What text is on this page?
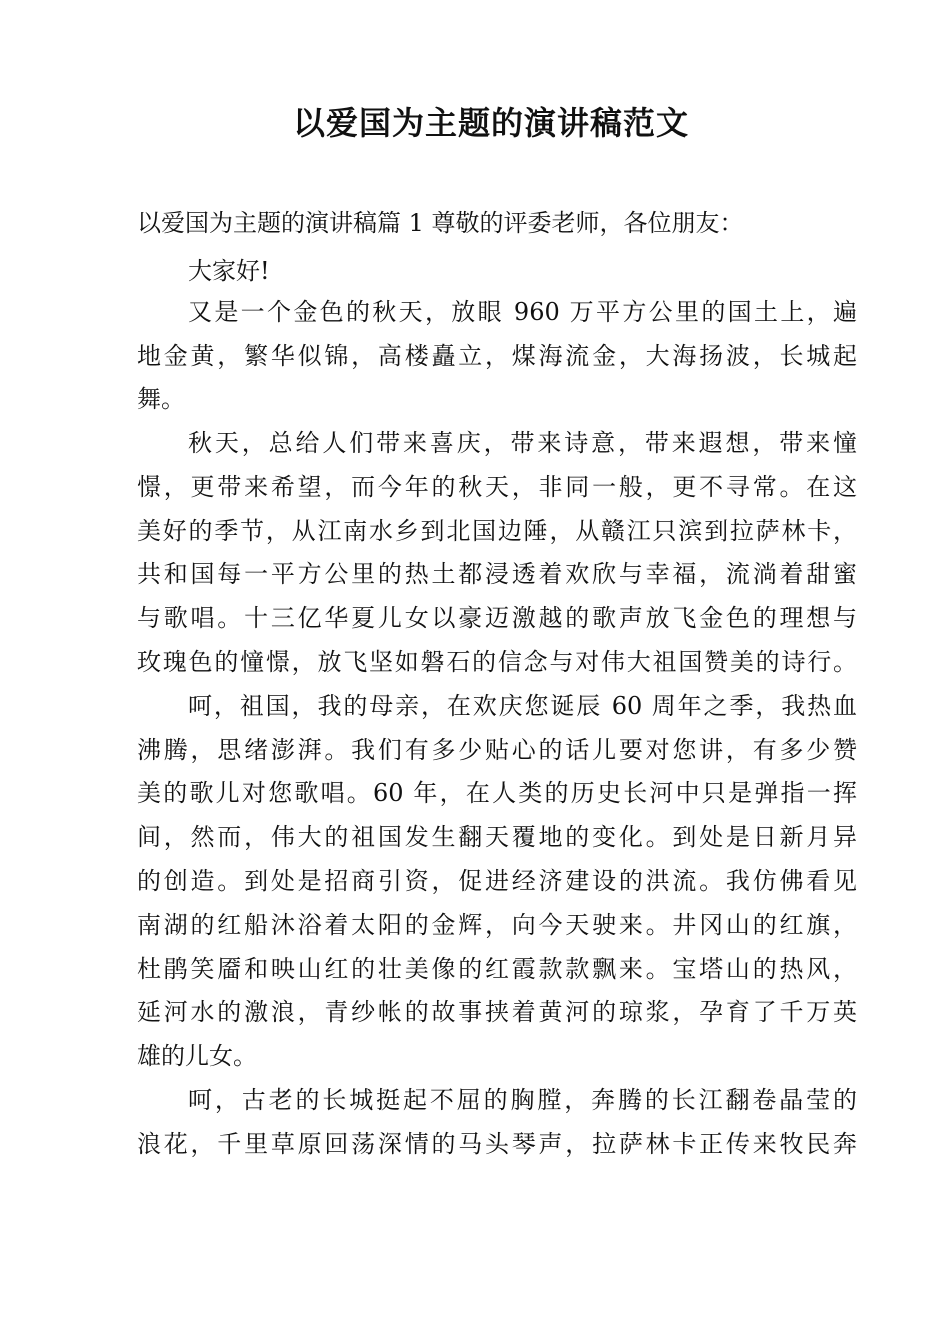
以爱国为主题的演讲稿范文
以爱国为主题的演讲稿篇 1 尊敬的评委老师，各位朋友：
大家好!
又是一个金色的秋天，放眼 960 万平方公里的国土上，遍
地金黄，繁华似锦，高楼矗立，煤海流金，大海扬波，长城起
舞。
秋天，总给人们带来喜庆，带来诗意，带来遐想，带来憧
憬，更带来希望，而今年的秋天，非同一般，更不寻常。在这
美好的季节，从江南水乡到北国边陲，从赣江只滨到拉萨林卡，
共和国每一平方公里的热土都浸透着欢欣与幸福，流淌着甜蜜
与歌唱。十三亿华夏儿女以豪迈激越的歌声放飞金色的理想与
玫瑰色的憧憬，放飞坚如磐石的信念与对伟大祖国赞美的诗行。
呵，祖国，我的母亲，在欢庆您诞辰 60 周年之季，我热血
沸腾，思绪澎湃。我们有多少贴心的话儿要对您讲，有多少赞
美的歌儿对您歌唱。60 年，在人类的历史长河中只是弹指一挥
间，然而，伟大的祖国发生翻天覆地的变化。到处是日新月异
的创造。到处是招商引资，促进经济建设的洪流。我仿佛看见
南湖的红船沐浴着太阳的金辉，向今天驶来。井冈山的红旗，
杜鹃笑靥和映山红的壮美像的红霞款款飘来。宝塔山的热风，
延河水的激浪，青纱帐的故事挟着黄河的琼浆，孕育了千万英
雄的儿女。
呵，古老的长城挺起不屈的胸膛，奔腾的长江翻卷晶莹的
浪花，千里草原回荡深情的马头琴声，拉萨林卡正传来牧民奔
